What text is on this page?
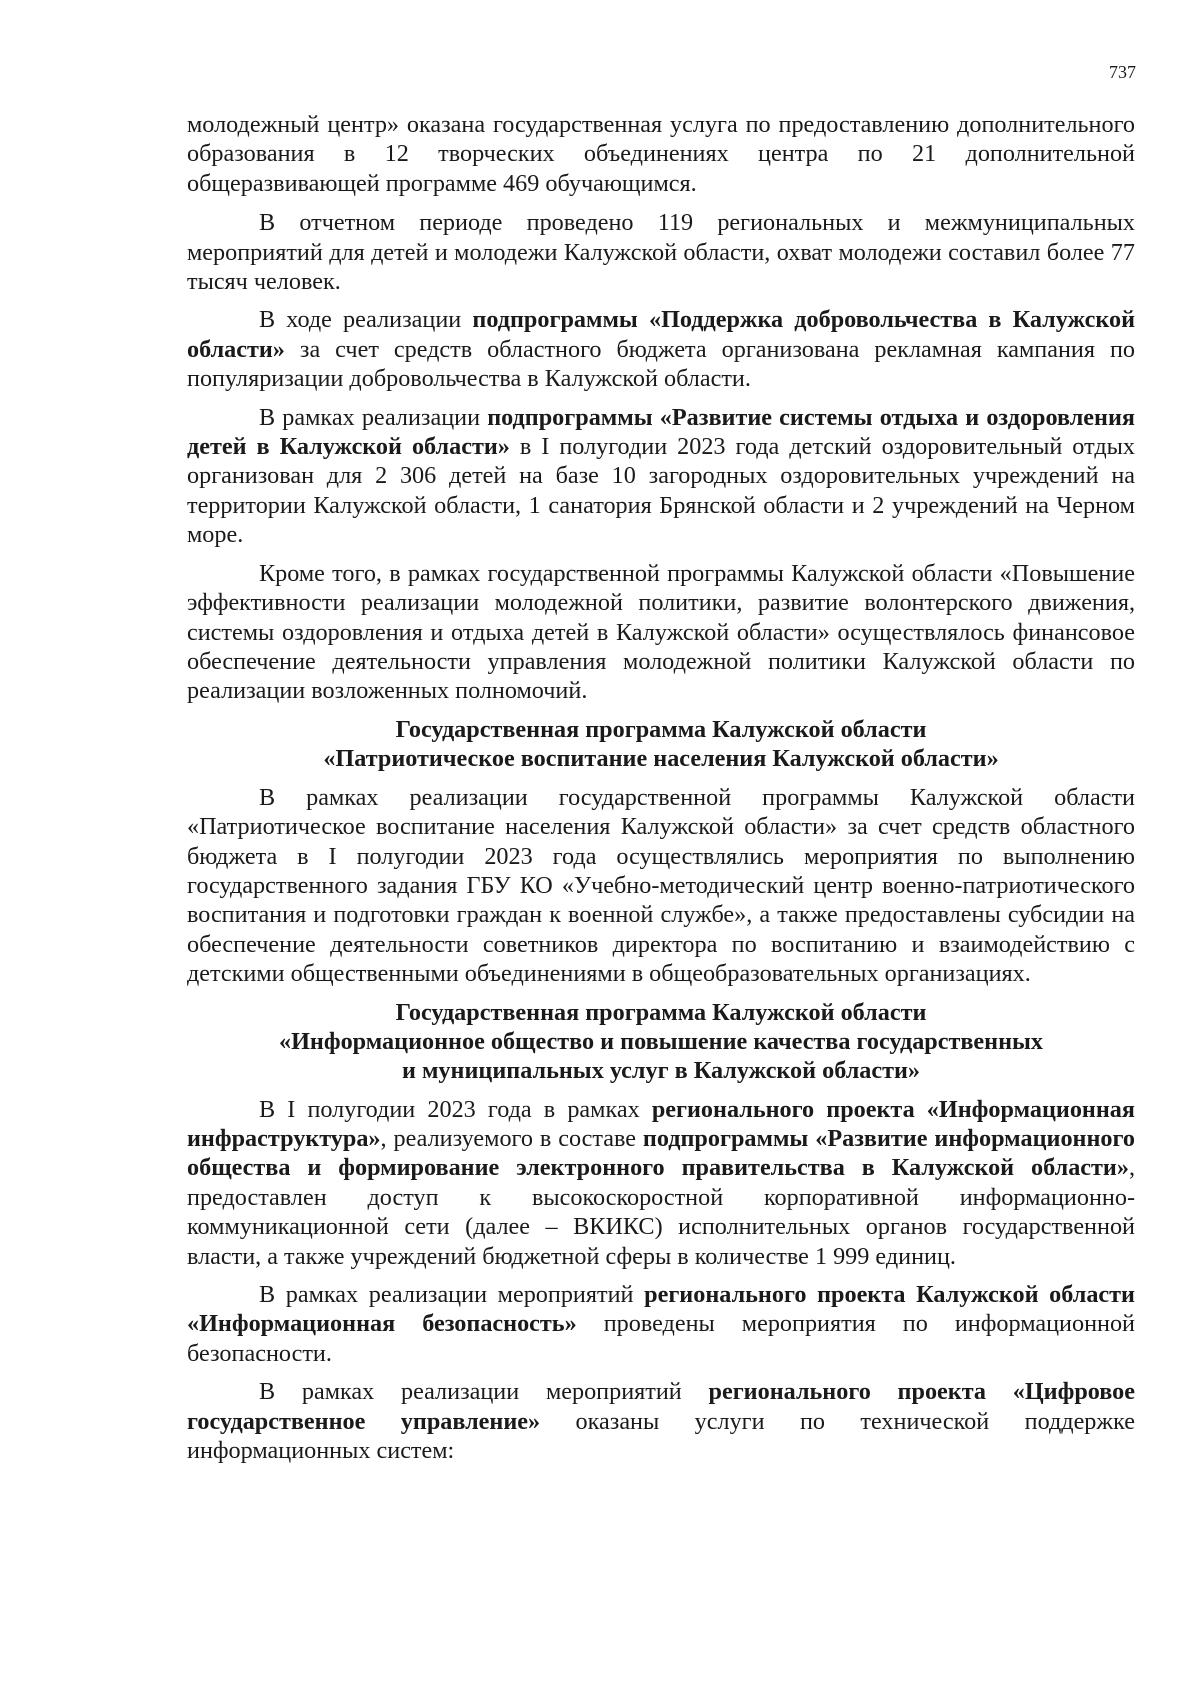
737

молодежный центр» оказана государственная услуга по предоставлению дополнительного образования в 12 творческих объединениях центра по 21 дополнительной общеразвивающей программе 469 обучающимся.

В отчетном периоде проведено 119 региональных и межмуниципальных мероприятий для детей и молодежи Калужской области, охват молодежи составил более 77 тысяч человек.

В ходе реализации подпрограммы «Поддержка добровольчества в Калужской области» за счет средств областного бюджета организована рекламная кампания по популяризации добровольчества в Калужской области.

В рамках реализации подпрограммы «Развитие системы отдыха и оздоровления детей в Калужской области» в I полугодии 2023 года детский оздоровительный отдых организован для 2 306 детей на базе 10 загородных оздоровительных учреждений на территории Калужской области, 1 санатория Брянской области и 2 учреждений на Черном море.

Кроме того, в рамках государственной программы Калужской области «Повышение эффективности реализации молодежной политики, развитие волонтерского движения, системы оздоровления и отдыха детей в Калужской области» осуществлялось финансовое обеспечение деятельности управления молодежной политики Калужской области по реализации возложенных полномочий.

Государственная программа Калужской области
«Патриотическое воспитание населения Калужской области»

В рамках реализации государственной программы Калужской области «Патриотическое воспитание населения Калужской области» за счет средств областного бюджета в I полугодии 2023 года осуществлялись мероприятия по выполнению государственного задания ГБУ КО «Учебно-методический центр военно-патриотического воспитания и подготовки граждан к военной службе», а также предоставлены субсидии на обеспечение деятельности советников директора по воспитанию и взаимодействию с детскими общественными объединениями в общеобразовательных организациях.

Государственная программа Калужской области
«Информационное общество и повышение качества государственных
и муниципальных услуг в Калужской области»

В I полугодии 2023 года в рамках регионального проекта «Информационная инфраструктура», реализуемого в составе подпрограммы «Развитие информационного общества и формирование электронного правительства в Калужской области», предоставлен доступ к высокоскоростной корпоративной информационно-коммуникационной сети (далее – ВКИКС) исполнительных органов государственной власти, а также учреждений бюджетной сферы в количестве 1 999 единиц.

В рамках реализации мероприятий регионального проекта Калужской области «Информационная безопасность» проведены мероприятия по информационной безопасности.

В рамках реализации мероприятий регионального проекта «Цифровое государственное управление» оказаны услуги по технической поддержке информационных систем:
